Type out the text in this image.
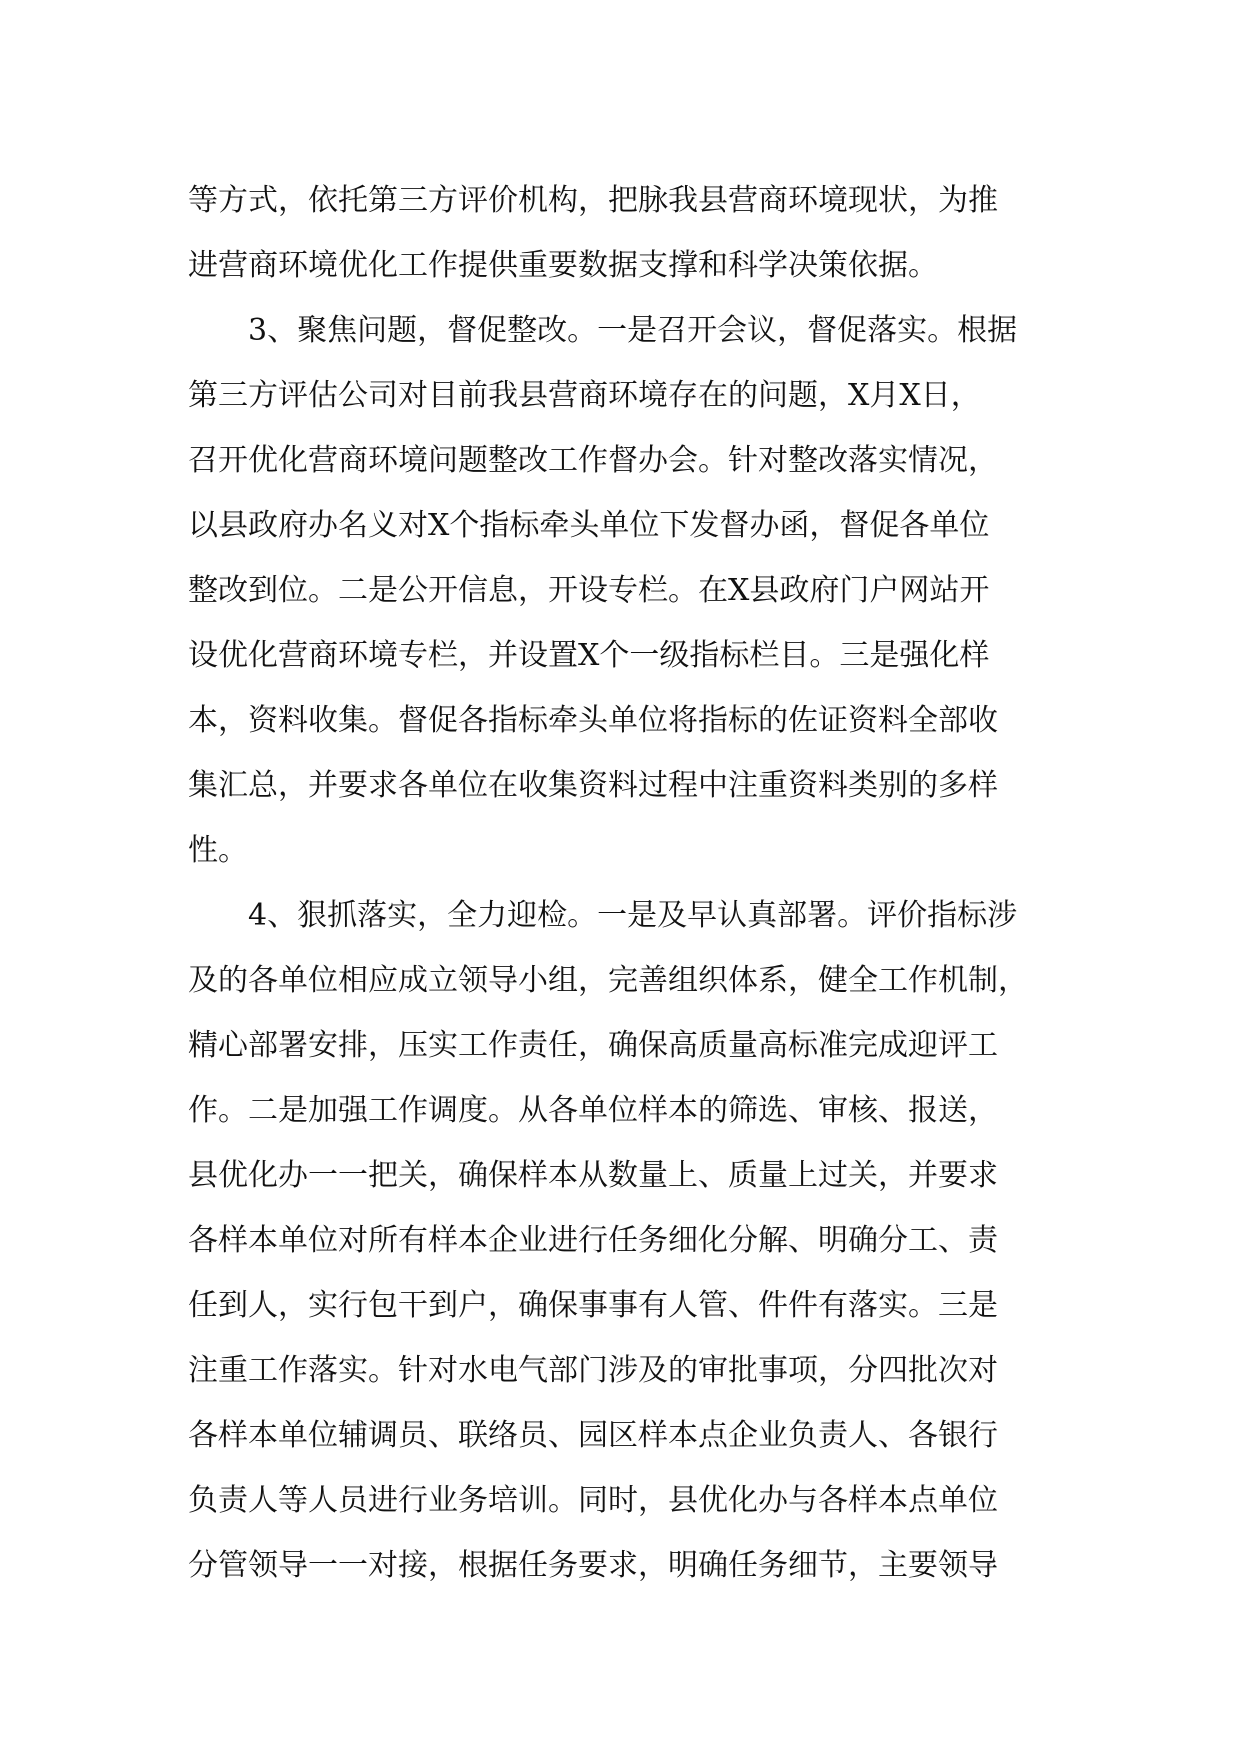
等方式，依托第三方评价机构，把脉我县营商环境现状，为推
进营商环境优化工作提供重要数据支撑和科学决策依据。
3、聚焦问题，督促整改。一是召开会议，督促落实。根据
第三方评估公司对目前我县营商环境存在的问题，X月X日，
召开优化营商环境问题整改工作督办会。针对整改落实情况，
以县政府办名义对X个指标牵头单位下发督办函，督促各单位
整改到位。二是公开信息，开设专栏。在X县政府门户网站开
设优化营商环境专栏，并设置X个一级指标栏目。三是强化样
本，资料收集。督促各指标牵头单位将指标的佐证资料全部收
集汇总，并要求各单位在收集资料过程中注重资料类别的多样
性。
4、狠抓落实，全力迎检。一是及早认真部署。评价指标涉
及的各单位相应成立领导小组，完善组织体系，健全工作机制，
精心部署安排，压实工作责任，确保高质量高标准完成迎评工
作。二是加强工作调度。从各单位样本的筛选、审核、报送，
县优化办一一把关，确保样本从数量上、质量上过关，并要求
各样本单位对所有样本企业进行任务细化分解、明确分工、责
任到人，实行包干到户，确保事事有人管、件件有落实。三是
注重工作落实。针对水电气部门涉及的审批事项，分四批次对
各样本单位辅调员、联络员、园区样本点企业负责人、各银行
负责人等人员进行业务培训。同时，县优化办与各样本点单位
分管领导一一对接，根据任务要求，明确任务细节，主要领导
